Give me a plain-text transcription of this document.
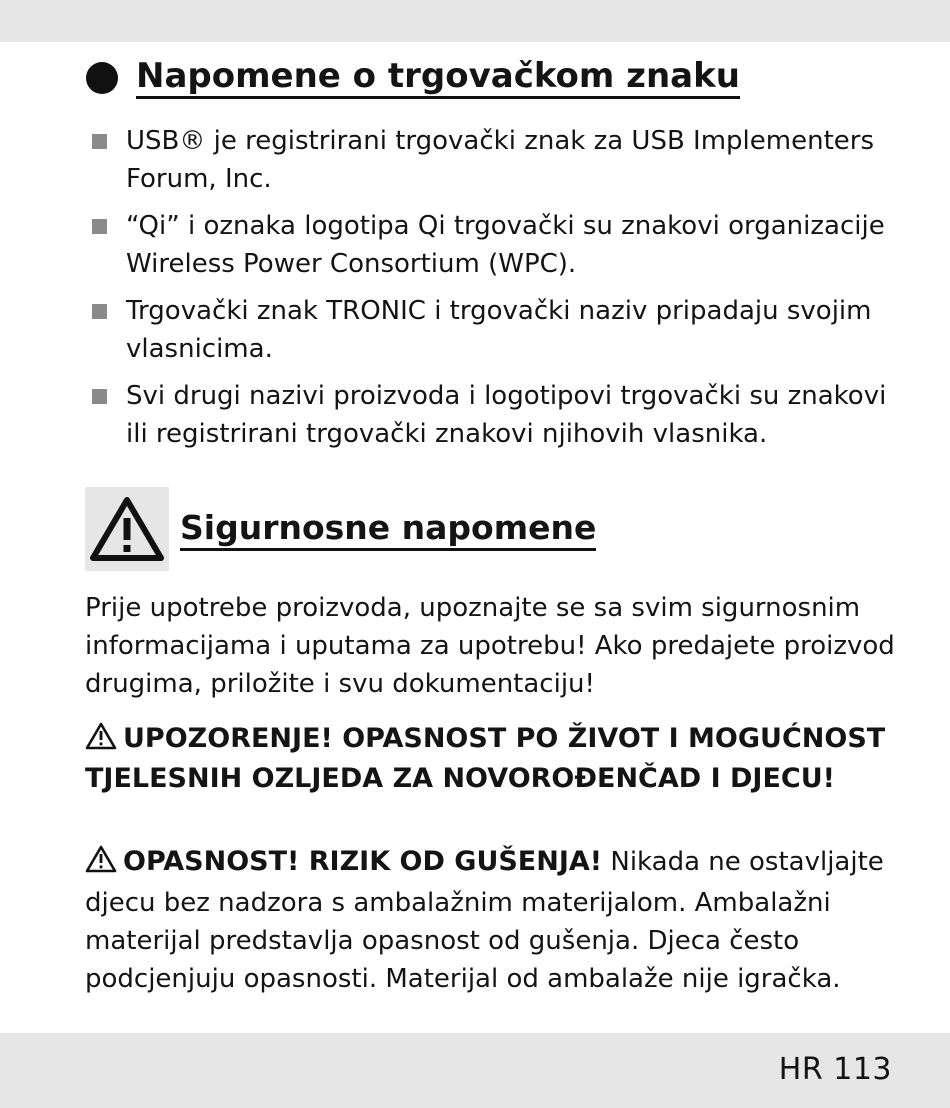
Napomene o trgovačkom znaku
USB® je registrirani trgovački znak za USB Implementers Forum, Inc.
“Qi” i oznaka logotipa Qi trgovački su znakovi organizacije Wireless Power Consortium (WPC).
Trgovački znak TRONIC i trgovački naziv pripadaju svojim vlasnicima.
Svi drugi nazivi proizvoda i logotipovi trgovački su znakovi ili registrirani trgovački znakovi njihovih vlasnika.
Sigurnosne napomene

Prije upotrebe proizvoda, upoznajte se sa svim sigurnosnim informacijama i uputama za upotrebu! Ako predajete proizvod drugima, priložite i svu dokumentaciju!

UPOZORENJE! OPASNOST PO ŽIVOT I MOGUĆNOST TJELESNIH OZLJEDA ZA NOVOROĐENČAD I DJECU!
OPASNOST! RIZIK OD GUŠENJA! Nikada ne ostavljajte djecu bez nadzora s ambalažnim materijalom. Ambalažni materijal predstavlja opasnost od gušenja. Djeca često podcjenjuju opasnosti. Materijal od ambalaže nije igračka.
HR 113
